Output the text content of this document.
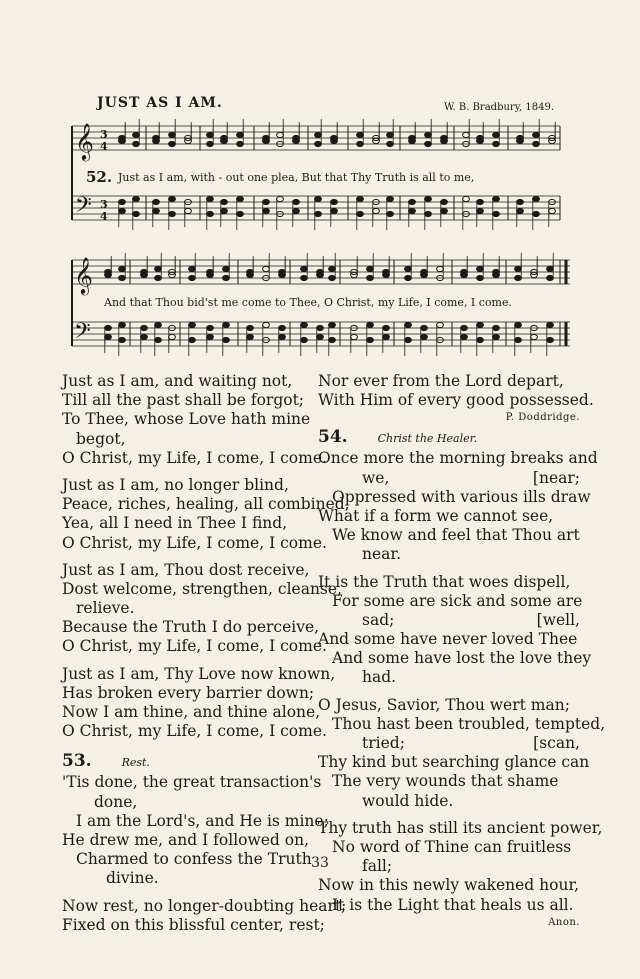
JUST AS I AM.	W. B. Bradbury, 1849.
𝄞
𝄢
𝄞
𝄢
3
4
3
4
52. Just as I am, with - out one plea, But that Thy Truth is all to me,
And that Thou bid'st me come to Thee, O Christ, my Life, I come, I come.
Just as I am, and waiting not,
Till all the past shall be forgot;
To Thee, whose Love hath mine
begot,
O Christ, my Life, I come, I come.
Just as I am, no longer blind,
Peace, riches, healing, all combined,
Yea, all I need in Thee I find,
O Christ, my Life, I come, I come.
Just as I am, Thou dost receive,
Dost welcome, strengthen, cleanse,
relieve.
Because the Truth I do perceive,
O Christ, my Life, I come, I come.
Just as I am, Thy Love now known,
Has broken every barrier down;
Now I am thine, and thine alone,
O Christ, my Life, I come, I come.
53.	Rest.
'Tis done, the great transaction's
done,
I am the Lord's, and He is mine;
He drew me, and I followed on,
Charmed to confess the Truth
divine.
Now rest, no longer-doubting heart;
Fixed on this blissful center, rest;
Nor ever from the Lord depart,
With Him of every good possessed.
P. Doddridge.
54.	Christ the Healer.
Once more the morning breaks and
we,	[near;
Oppressed with various ills draw
What if a form we cannot see,
We know and feel that Thou art
near.
It is the Truth that woes dispell,
For some are sick and some are
sad;	[well,
And some have never loved Thee
And some have lost the love they
had.
O Jesus, Savior, Thou wert man;
Thou hast been troubled, tempted,
tried;	[scan,
Thy kind but searching glance can
The very wounds that shame
would hide.
Thy truth has still its ancient power,
No word of Thine can fruitless
fall;
Now in this newly wakened hour,
It is the Light that heals us all.
Anon.
33
